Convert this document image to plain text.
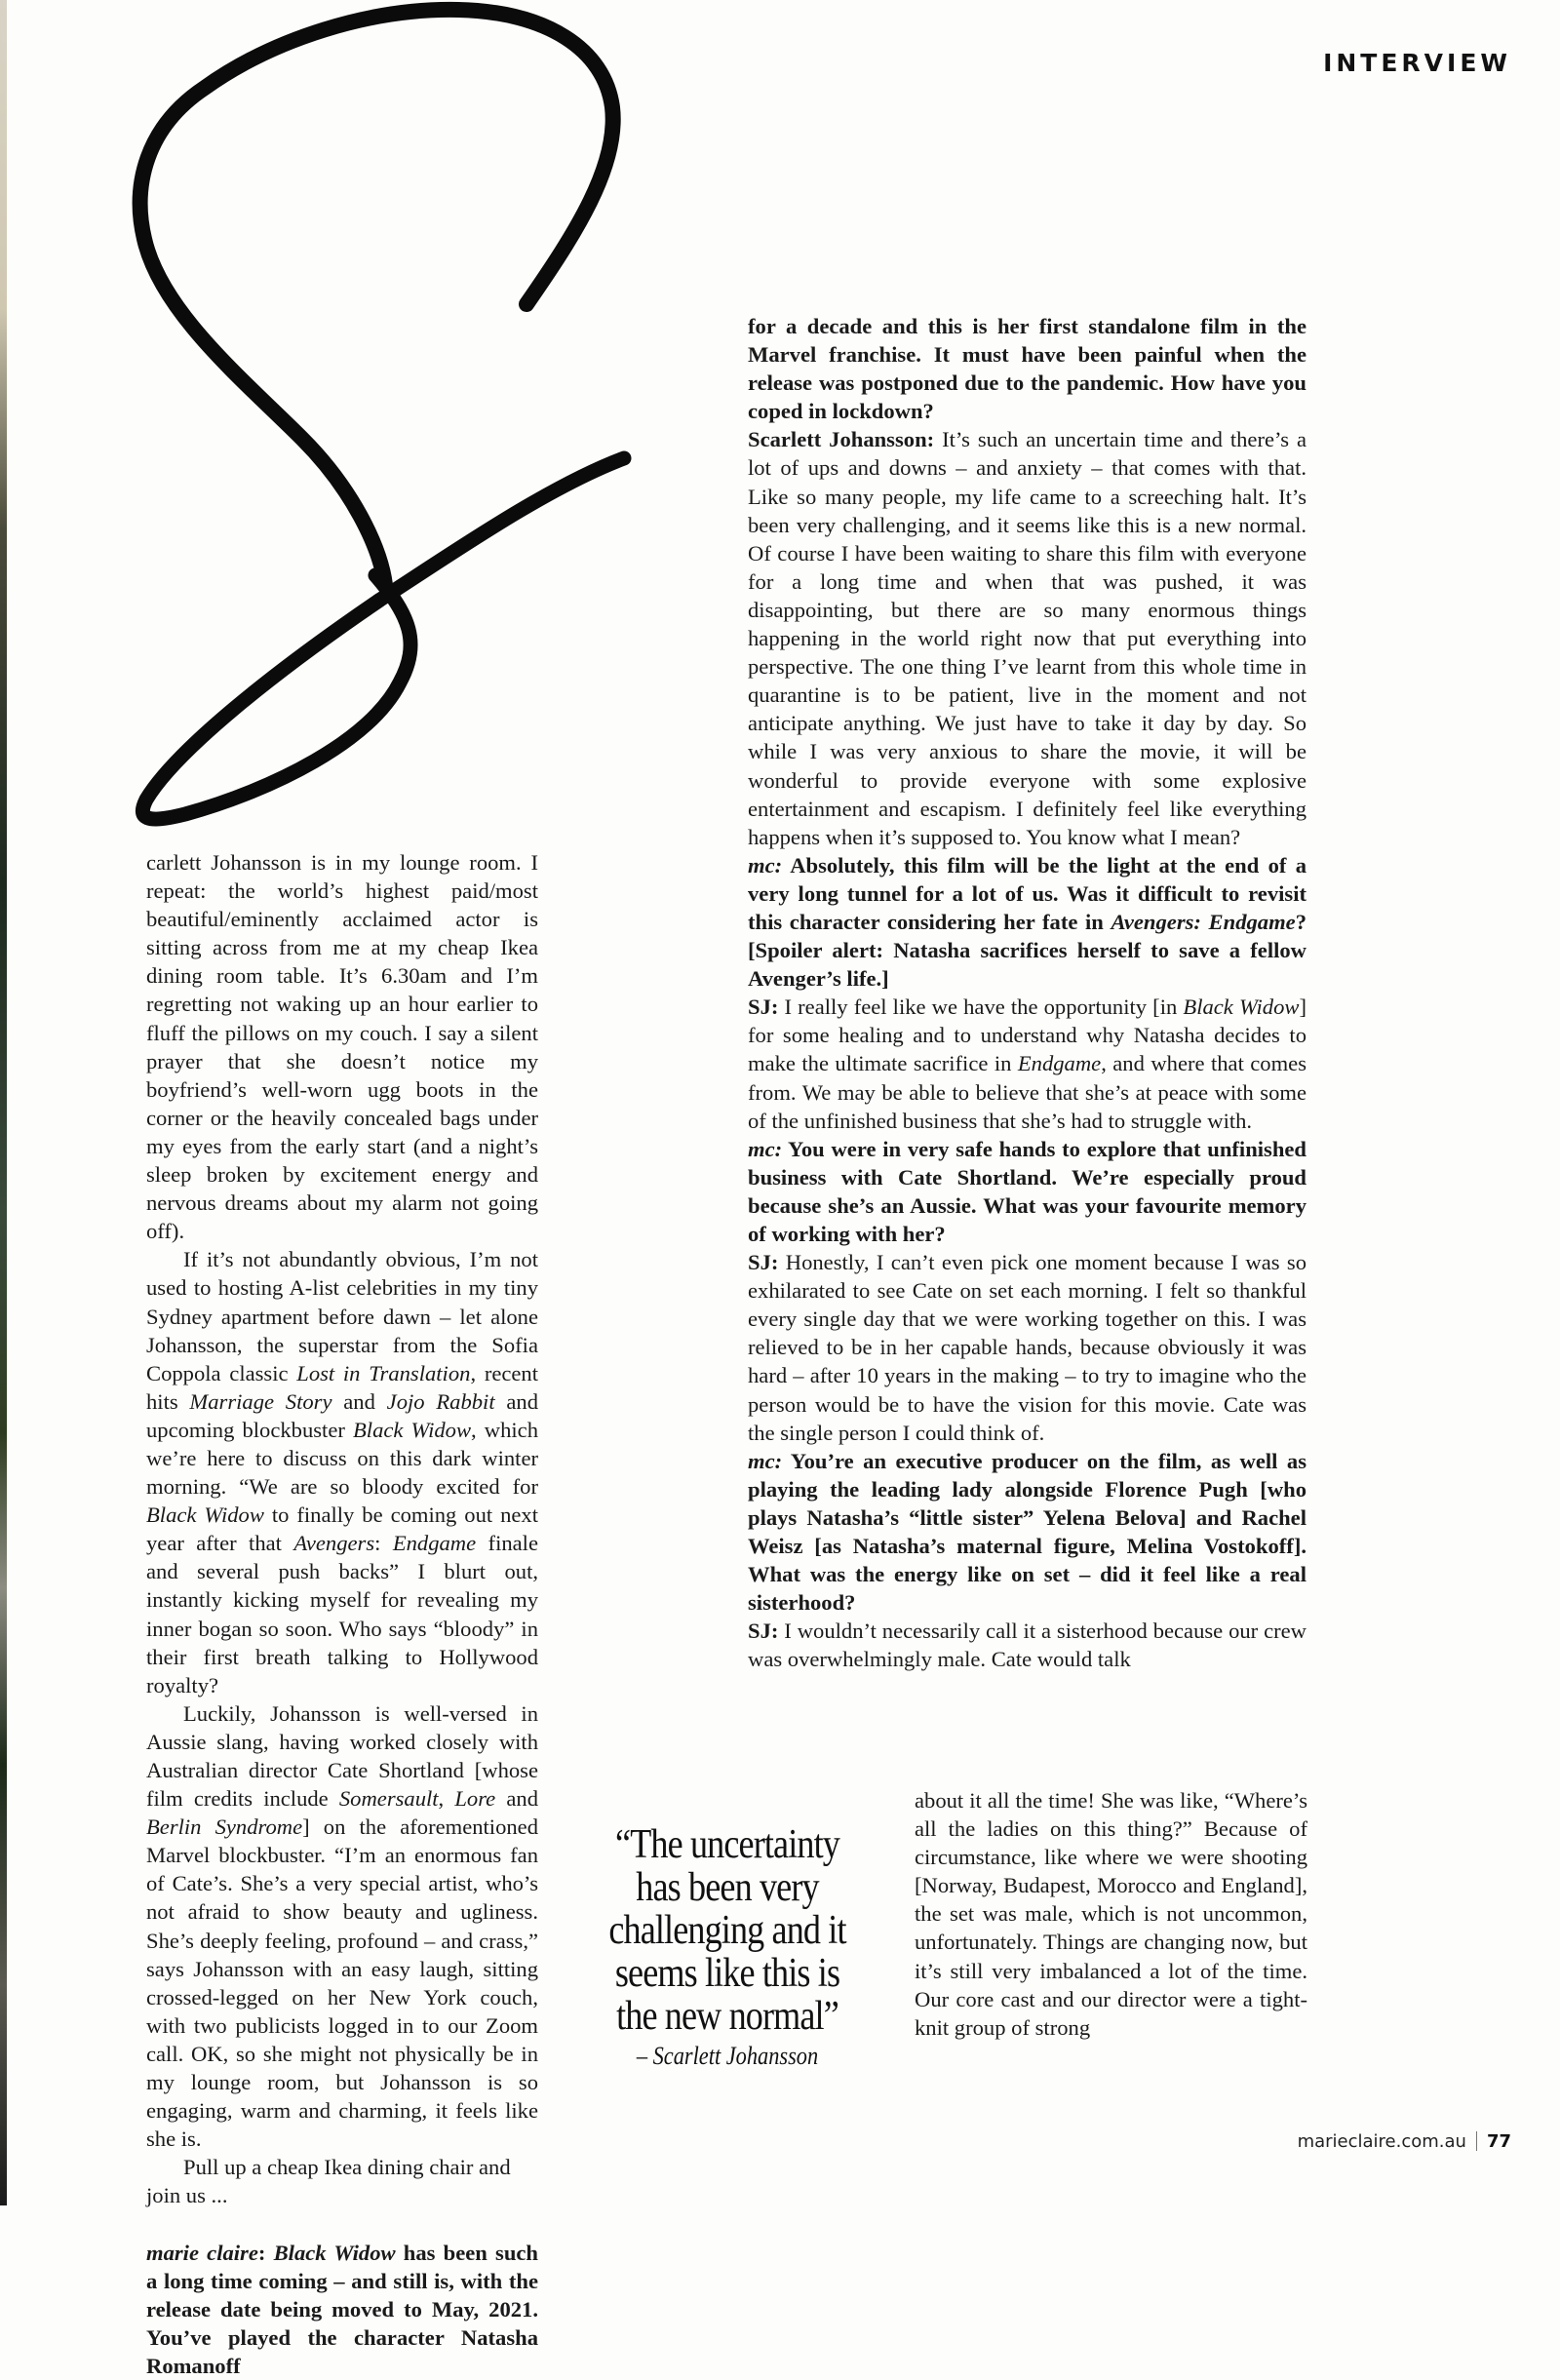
INTERVIEW

carlett Johansson is in my lounge room. I repeat: the world’s highest paid/most beautiful/eminently acclaimed actor is sitting across from me at my cheap Ikea dining room table. It’s 6.30am and I’m regretting not waking up an hour earlier to fluff the pillows on my couch. I say a silent prayer that she doesn’t notice my boyfriend’s well-worn ugg boots in the corner or the heavily concealed bags under my eyes from the early start (and a night’s sleep broken by excitement energy and nervous dreams about my alarm not going off).

If it’s not abundantly obvious, I’m not used to hosting A-list celebrities in my tiny Sydney apartment before dawn – let alone Johansson, the superstar from the Sofia Coppola classic Lost in Translation, recent hits Marriage Story and Jojo Rabbit and upcoming blockbuster Black Widow, which we’re here to discuss on this dark winter morning. “We are so bloody excited for Black Widow to finally be coming out next year after that Avengers: Endgame finale and several push backs” I blurt out, instantly kicking myself for revealing my inner bogan so soon. Who says “bloody” in their first breath talking to Hollywood royalty?

Luckily, Johansson is well-versed in Aussie slang, having worked closely with Australian director Cate Shortland [whose film credits include Somersault, Lore and Berlin Syndrome] on the aforementioned Marvel blockbuster. “I’m an enormous fan of Cate’s. She’s a very special artist, who’s not afraid to show beauty and ugliness. She’s deeply feeling, profound – and crass,” says Johansson with an easy laugh, sitting crossed-legged on her New York couch, with two publicists logged in to our Zoom call. OK, so she might not physically be in my lounge room, but Johansson is so engaging, warm and charming, it feels like she is.

Pull up a cheap Ikea dining chair and join us ...

marie claire: Black Widow has been such a long time coming – and still is, with the release date being moved to May, 2021. You’ve played the character Natasha Romanoff

for a decade and this is her first standalone film in the Marvel franchise. It must have been painful when the release was postponed due to the pandemic. How have you coped in lockdown?

Scarlett Johansson: It’s such an uncertain time and there’s a lot of ups and downs – and anxiety – that comes with that. Like so many people, my life came to a screeching halt. It’s been very challenging, and it seems like this is a new normal. Of course I have been waiting to share this film with everyone for a long time and when that was pushed, it was disappointing, but there are so many enormous things happening in the world right now that put everything into perspective. The one thing I’ve learnt from this whole time in quarantine is to be patient, live in the moment and not anticipate anything. We just have to take it day by day. So while I was very anxious to share the movie, it will be wonderful to provide everyone with some explosive entertainment and escapism. I definitely feel like everything happens when it’s supposed to. You know what I mean?

mc: Absolutely, this film will be the light at the end of a very long tunnel for a lot of us. Was it difficult to revisit this character considering her fate in Avengers: Endgame? [Spoiler alert: Natasha sacrifices herself to save a fellow Avenger’s life.]

SJ: I really feel like we have the opportunity [in Black Widow] for some healing and to understand why Natasha decides to make the ultimate sacrifice in Endgame, and where that comes from. We may be able to believe that she’s at peace with some of the unfinished business that she’s had to struggle with.

mc: You were in very safe hands to explore that unfinished business with Cate Shortland. We’re especially proud because she’s an Aussie. What was your favourite memory of working with her?

SJ: Honestly, I can’t even pick one moment because I was so exhilarated to see Cate on set each morning. I felt so thankful every single day that we were working together on this. I was relieved to be in her capable hands, because obviously it was hard – after 10 years in the making – to try to imagine who the person would be to have the vision for this movie. Cate was the single person I could think of.

mc: You’re an executive producer on the film, as well as playing the leading lady alongside Florence Pugh [who plays Natasha’s “little sister” Yelena Belova] and Rachel Weisz [as Natasha’s maternal figure, Melina Vostokoff]. What was the energy like on set – did it feel like a real sisterhood?

SJ: I wouldn’t necessarily call it a sisterhood because our crew was overwhelmingly male. Cate would talk

“The uncertainty has been very challenging and it seems like this is the new normal”
– Scarlett Johansson

about it all the time! She was like, “Where’s all the ladies on this thing?” Because of circumstance, like where we were shooting [Norway, Budapest, Morocco and England], the set was male, which is not uncommon, unfortunately. Things are changing now, but it’s still very imbalanced a lot of the time. Our core cast and our director were a tight-knit group of strong

marieclaire.com.au 77
